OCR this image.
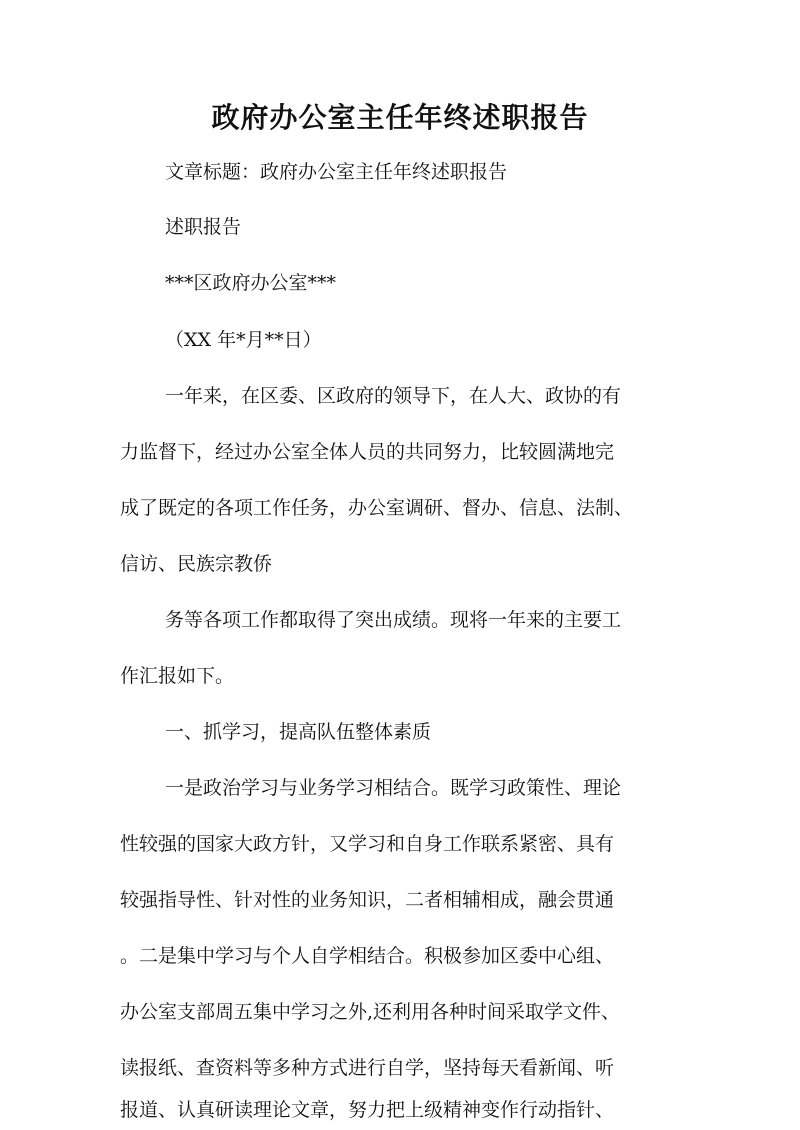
政府办公室主任年终述职报告

文章标题：政府办公室主任年终述职报告

述职报告

***区政府办公室***

（XX 年*月**日）

一年来，在区委、区政府的领导下，在人大、政协的有

力监督下，经过办公室全体人员的共同努力，比较圆满地完

成了既定的各项工作任务，办公室调研、督办、信息、法制、

信访、民族宗教侨

务等各项工作都取得了突出成绩。现将一年来的主要工

作汇报如下。

一、抓学习，提高队伍整体素质

一是政治学习与业务学习相结合。既学习政策性、理论

性较强的国家大政方针，又学习和自身工作联系紧密、具有

较强指导性、针对性的业务知识，二者相辅相成，融会贯通

。二是集中学习与个人自学相结合。积极参加区委中心组、

办公室支部周五集中学习之外,还利用各种时间采取学文件、

读报纸、查资料等多种方式进行自学，坚持每天看新闻、听

报道、认真研读理论文章，努力把上级精神变作行动指针、
